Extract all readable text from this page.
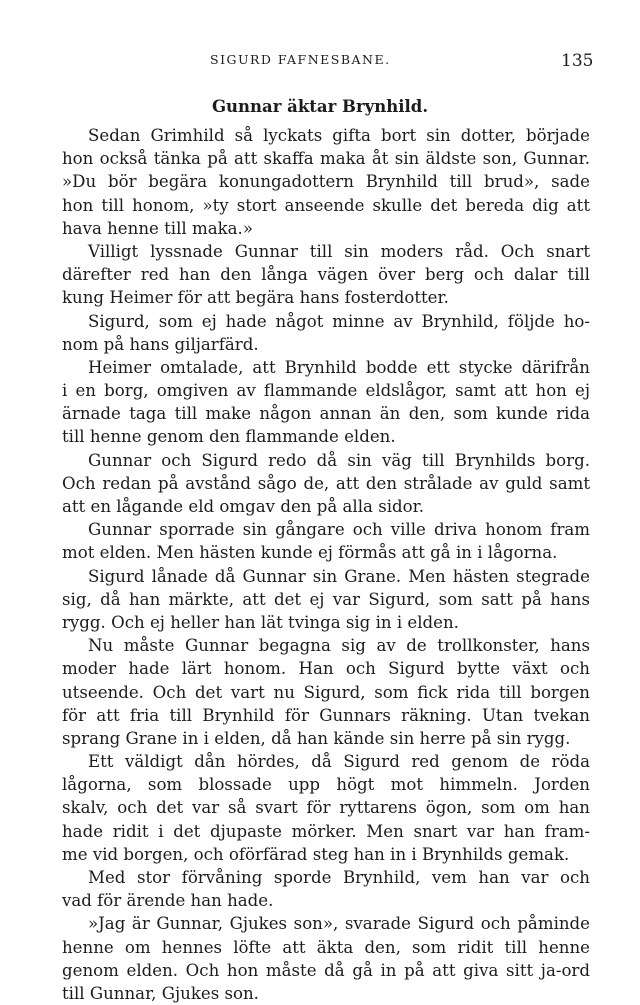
SIGURD FAFNESBANE.	135
Gunnar äktar Brynhild.
Sedan Grimhild så lyckats gifta bort sin dotter, började
hon också tänka på att skaffa maka åt sin äldste son, Gunnar.
»Du bör begära konungadottern Brynhild till brud», sade
hon till honom, »ty stort anseende skulle det bereda dig att
hava henne till maka.»
Villigt lyssnade Gunnar till sin moders råd. Och snart
därefter red han den långa vägen över berg och dalar till
kung Heimer för att begära hans fosterdotter.
Sigurd, som ej hade något minne av Brynhild, följde ho-
nom på hans giljarfärd.
Heimer omtalade, att Brynhild bodde ett stycke därifrån
i en borg, omgiven av flammande eldslågor, samt att hon ej
ärnade taga till make någon annan än den, som kunde rida
till henne genom den flammande elden.
Gunnar och Sigurd redo då sin väg till Brynhilds borg.
Och redan på avstånd sågo de, att den strålade av guld samt
att en lågande eld omgav den på alla sidor.
Gunnar sporrade sin gångare och ville driva honom fram
mot elden. Men hästen kunde ej förmås att gå in i lågorna.
Sigurd lånade då Gunnar sin Grane. Men hästen stegrade
sig, då han märkte, att det ej var Sigurd, som satt på hans
rygg. Och ej heller han lät tvinga sig in i elden.
Nu måste Gunnar begagna sig av de trollkonster, hans
moder hade lärt honom. Han och Sigurd bytte växt och
utseende. Och det vart nu Sigurd, som fick rida till borgen
för att fria till Brynhild för Gunnars räkning. Utan tvekan
sprang Grane in i elden, då han kände sin herre på sin rygg.
Ett väldigt dån hördes, då Sigurd red genom de röda
lågorna, som blossade upp högt mot himmeln. Jorden
skalv, och det var så svart för ryttarens ögon, som om han
hade ridit i det djupaste mörker. Men snart var han fram-
me vid borgen, och oförfärad steg han in i Brynhilds gemak.
Med stor förvåning sporde Brynhild, vem han var och
vad för ärende han hade.
»Jag är Gunnar, Gjukes son», svarade Sigurd och påminde
henne om hennes löfte att äkta den, som ridit till henne
genom elden. Och hon måste då gå in på att giva sitt ja-ord
till Gunnar, Gjukes son.
